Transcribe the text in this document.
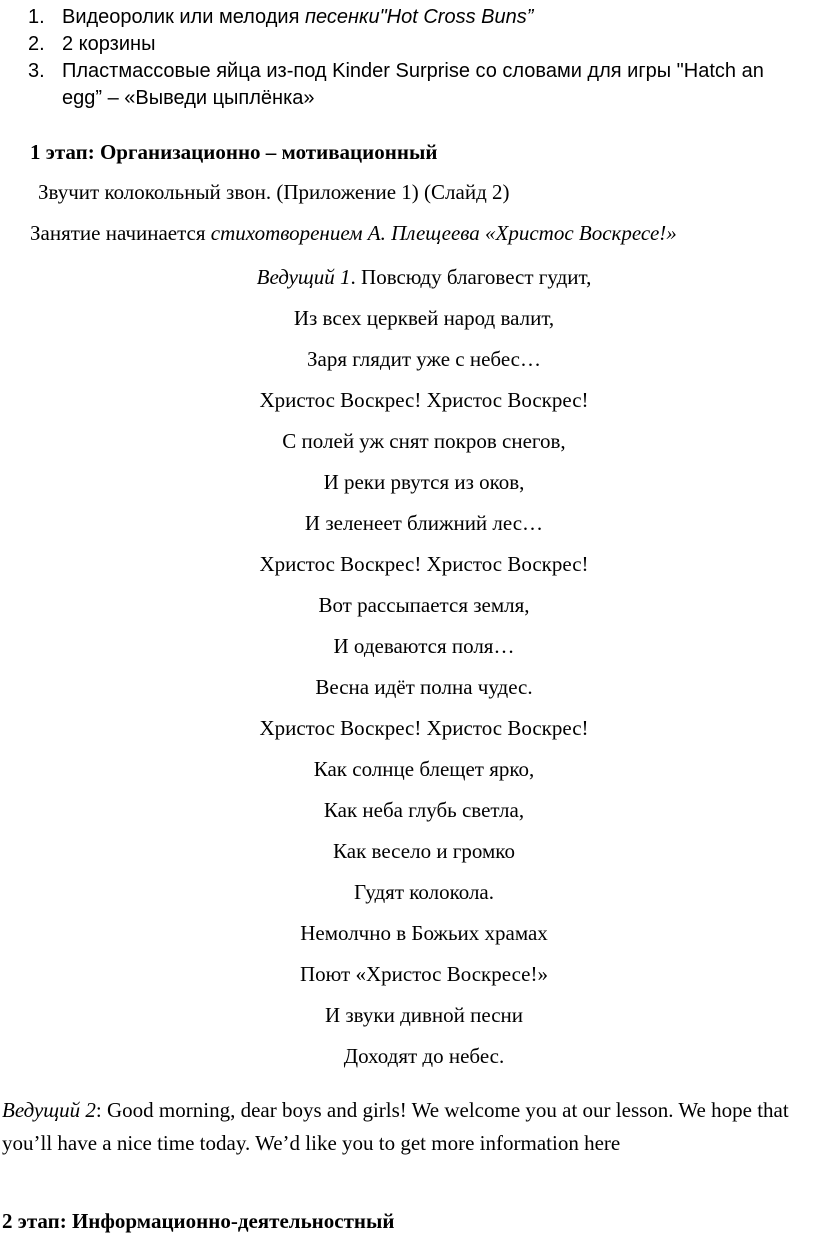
1. Видеоролик или мелодия песенки"Hot Cross Buns”
2. 2 корзины
3. Пластмассовые яйца из-под Kinder Surprise со словами для игры "Hatch an egg” – «Выведи цыплёнка»
1 этап: Организационно – мотивационный
Звучит колокольный звон. (Приложение 1) (Слайд 2)
Занятие начинается стихотворением А. Плещеева «Христос Воскресе!»
Ведущий 1. Повсюду благовест гудит,
Из всех церквей народ валит,
Заря глядит уже с небес…
Христос Воскрес! Христос Воскрес!
С полей уж снят покров снегов,
И реки рвутся из оков,
И зеленеет ближний лес…
Христос Воскрес! Христос Воскрес!
Вот рассыпается земля,
И одеваются поля…
Весна идёт полна чудес.
Христос Воскрес! Христос Воскрес!
Как солнце блещет ярко,
Как неба глубь светла,
Как весело и громко
Гудят колокола.
Немолчно в Божьих храмах
Поют «Христос Воскресе!»
И звуки дивной песни
Доходят до небес.

Ведущий 2: Good morning, dear boys and girls! We welcome you at our lesson. We hope that you’ll have a nice time today. We’d like you to get more information here

2 этап: Информационно-деятельностный
